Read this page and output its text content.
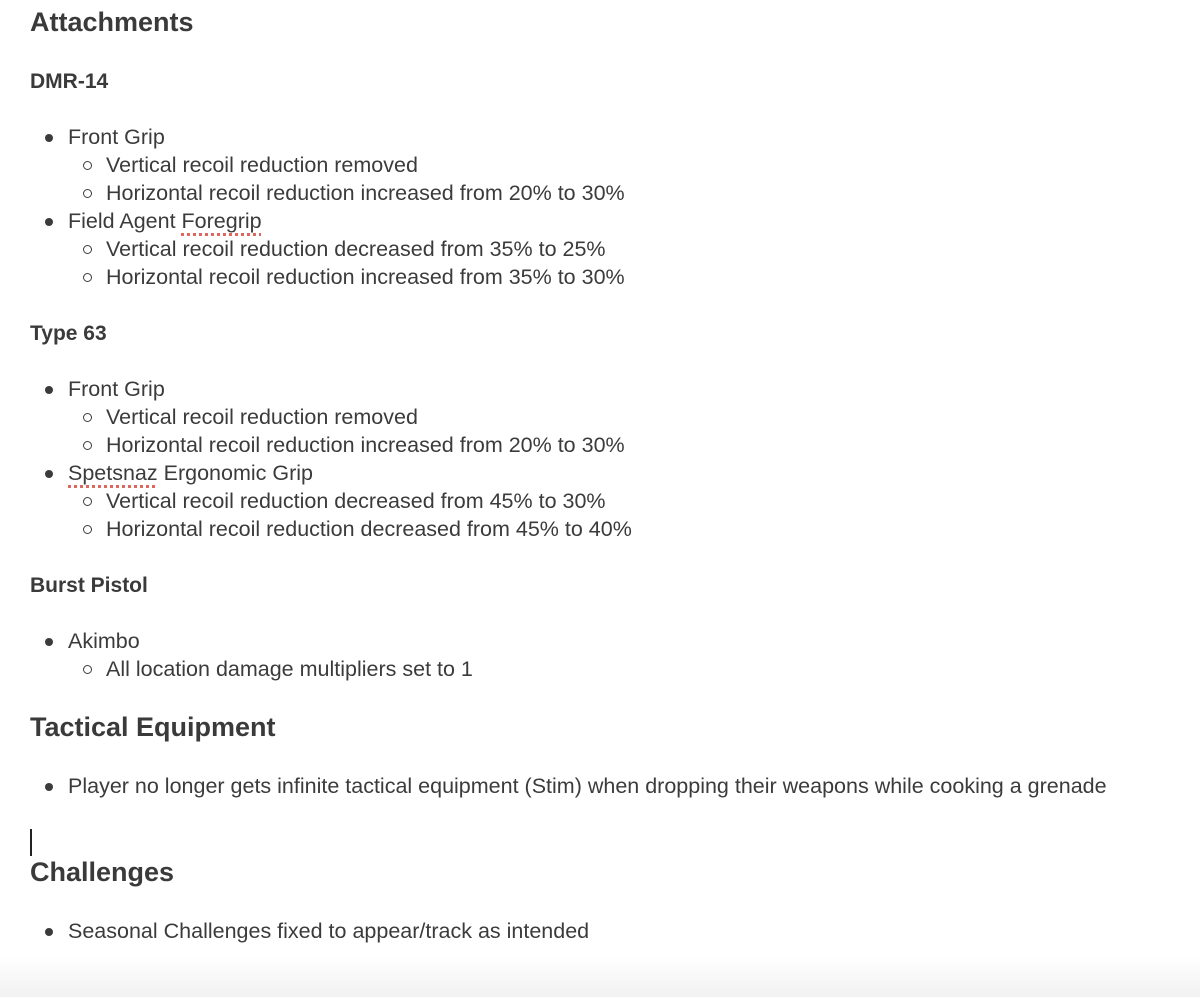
Attachments
DMR-14
Front Grip
Vertical recoil reduction removed
Horizontal recoil reduction increased from 20% to 30%
Field Agent Foregrip
Vertical recoil reduction decreased from 35% to 25%
Horizontal recoil reduction increased from 35% to 30%
Type 63
Front Grip
Vertical recoil reduction removed
Horizontal recoil reduction increased from 20% to 30%
Spetsnaz Ergonomic Grip
Vertical recoil reduction decreased from 45% to 30%
Horizontal recoil reduction decreased from 45% to 40%
Burst Pistol
Akimbo
All location damage multipliers set to 1
Tactical Equipment
Player no longer gets infinite tactical equipment (Stim) when dropping their weapons while cooking a grenade
Challenges
Seasonal Challenges fixed to appear/track as intended
